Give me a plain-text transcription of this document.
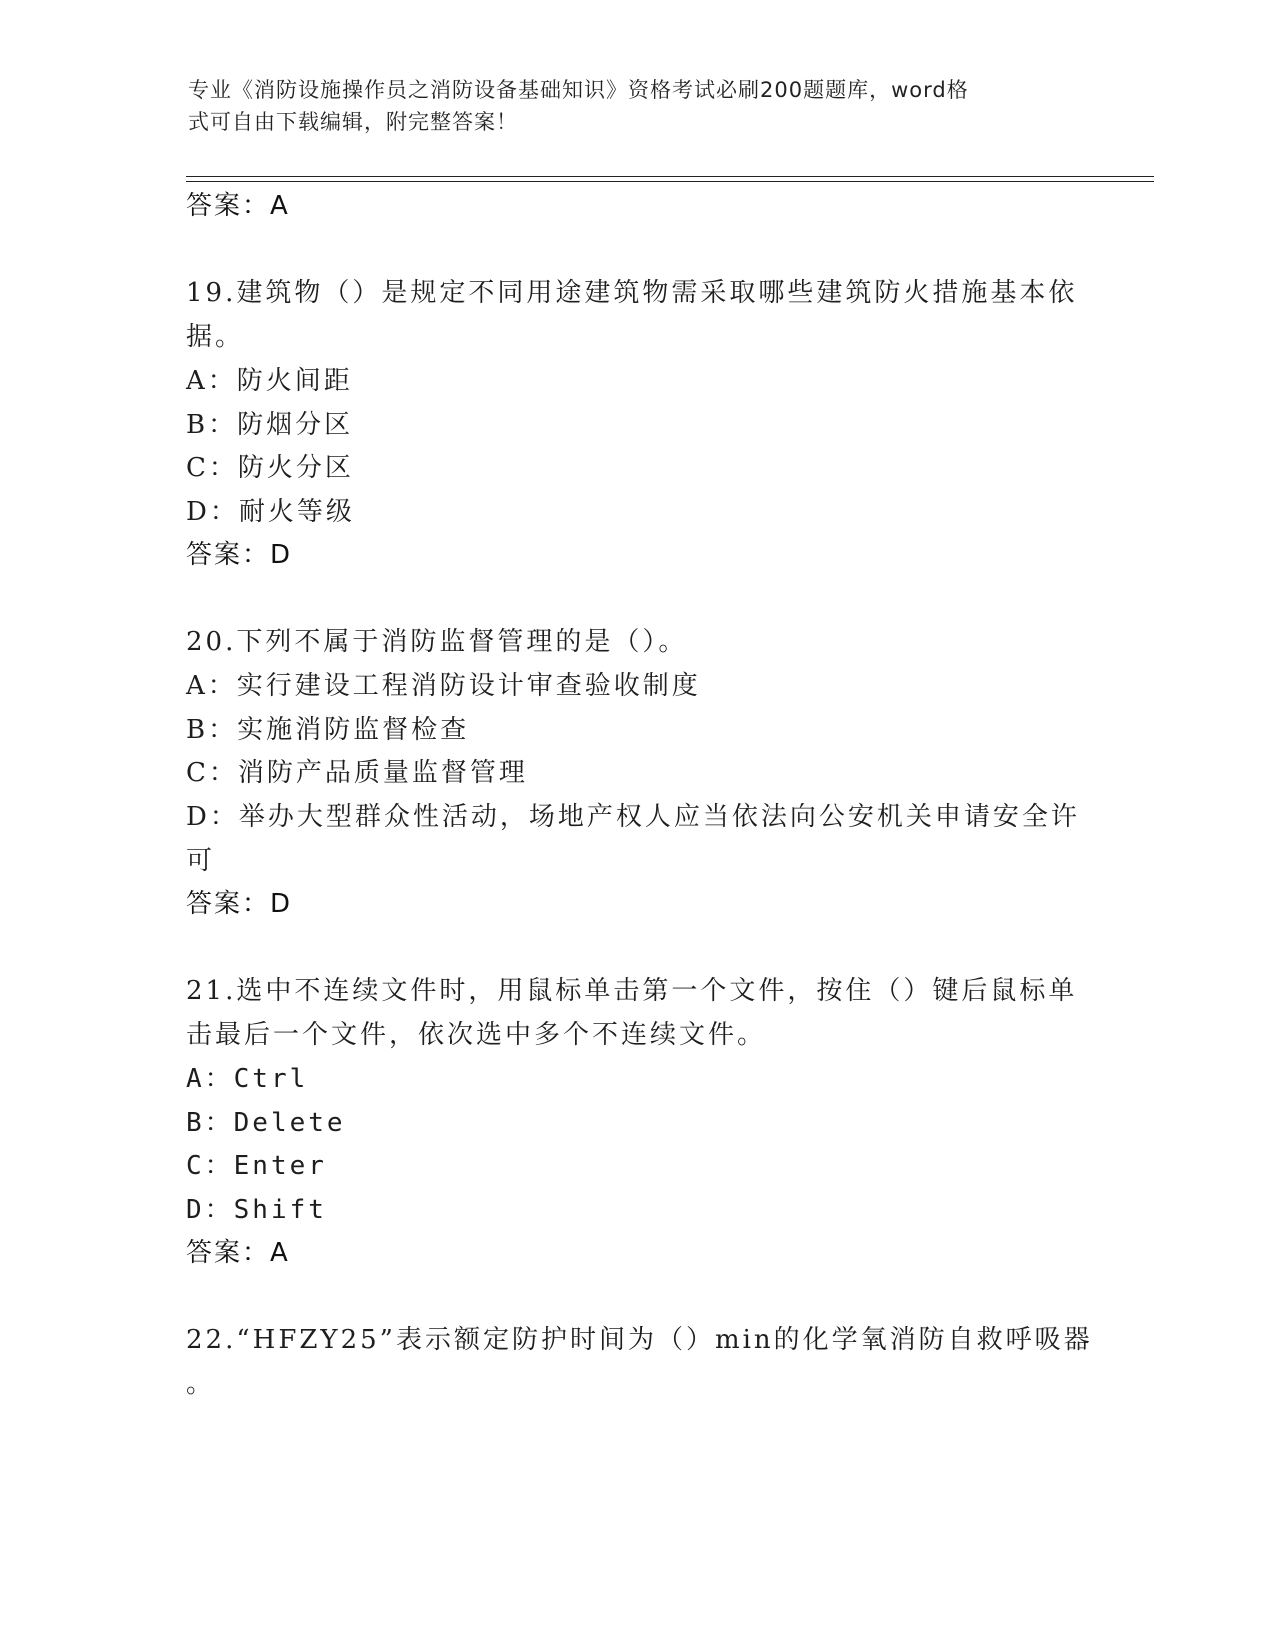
专业《消防设施操作员之消防设备基础知识》资格考试必刷200题题库，word格
式可自由下载编辑，附完整答案！
答案：A
19.建筑物（）是规定不同用途建筑物需采取哪些建筑防火措施基本依
据。
A：防火间距
B：防烟分区
C：防火分区
D：耐火等级
答案：D
20.下列不属于消防监督管理的是（）。
A：实行建设工程消防设计审查验收制度
B：实施消防监督检查
C：消防产品质量监督管理
D：举办大型群众性活动，场地产权人应当依法向公安机关申请安全许
可
答案：D
21.选中不连续文件时，用鼠标单击第一个文件，按住（）键后鼠标单
击最后一个文件，依次选中多个不连续文件。
A：Ctrl
B：Delete
C：Enter
D：Shift
答案：A
22.“HFZY25”表示额定防护时间为（）min的化学氧消防自救呼吸器
。
